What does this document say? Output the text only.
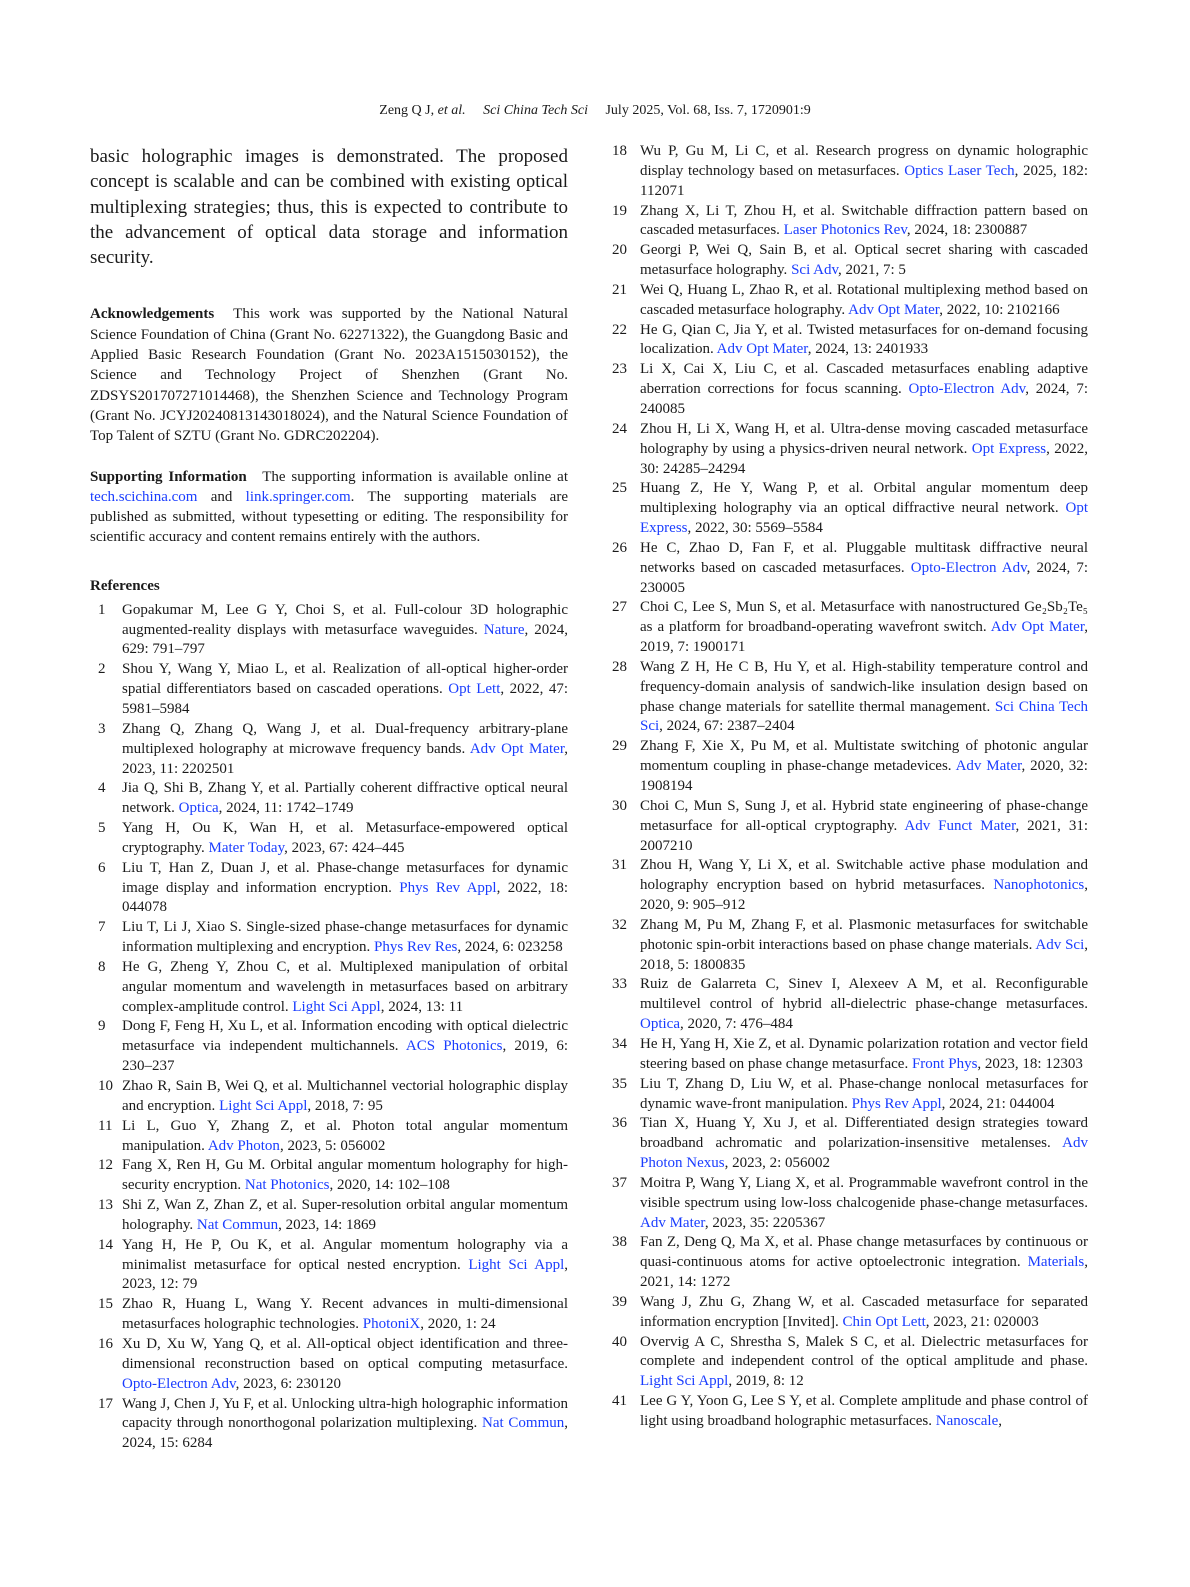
Zeng Q J, et al. Sci China Tech Sci July 2025, Vol. 68, Iss. 7, 1720901:9

basic holographic images is demonstrated. The proposed concept is scalable and can be combined with existing optical multiplexing strategies; thus, this is expected to contribute to the advancement of optical data storage and information security.

Acknowledgements This work was supported by the National Natural Science Foundation of China (Grant No. 62271322), the Guangdong Basic and Applied Basic Research Foundation (Grant No. 2023A1515030152), the Science and Technology Project of Shenzhen (Grant No. ZDSYS201707271014468), the Shenzhen Science and Technology Program (Grant No. JCYJ20240813143018024), and the Natural Science Foundation of Top Talent of SZTU (Grant No. GDRC202204).

Supporting Information The supporting information is available online at tech.scichina.com and link.springer.com. The supporting materials are published as submitted, without typesetting or editing. The responsibility for scientific accuracy and content remains entirely with the authors.

References
1	Gopakumar M, Lee G Y, Choi S, et al. Full-colour 3D holographic augmented-reality displays with metasurface waveguides. Nature, 2024, 629: 791–797
2	Shou Y, Wang Y, Miao L, et al. Realization of all-optical higher-order spatial differentiators based on cascaded operations. Opt Lett, 2022, 47: 5981–5984
3	Zhang Q, Zhang Q, Wang J, et al. Dual-frequency arbitrary-plane multiplexed holography at microwave frequency bands. Adv Opt Mater, 2023, 11: 2202501
4	Jia Q, Shi B, Zhang Y, et al. Partially coherent diffractive optical neural network. Optica, 2024, 11: 1742–1749
5	Yang H, Ou K, Wan H, et al. Metasurface-empowered optical cryptography. Mater Today, 2023, 67: 424–445
6	Liu T, Han Z, Duan J, et al. Phase-change metasurfaces for dynamic image display and information encryption. Phys Rev Appl, 2022, 18: 044078
7	Liu T, Li J, Xiao S. Single-sized phase-change metasurfaces for dynamic information multiplexing and encryption. Phys Rev Res, 2024, 6: 023258
8	He G, Zheng Y, Zhou C, et al. Multiplexed manipulation of orbital angular momentum and wavelength in metasurfaces based on arbitrary complex-amplitude control. Light Sci Appl, 2024, 13: 11
9	Dong F, Feng H, Xu L, et al. Information encoding with optical dielectric metasurface via independent multichannels. ACS Photonics, 2019, 6: 230–237
10 Zhao R, Sain B, Wei Q, et al. Multichannel vectorial holographic display and encryption. Light Sci Appl, 2018, 7: 95
11 Li L, Guo Y, Zhang Z, et al. Photon total angular momentum manipulation. Adv Photon, 2023, 5: 056002
12 Fang X, Ren H, Gu M. Orbital angular momentum holography for high-security encryption. Nat Photonics, 2020, 14: 102–108
13 Shi Z, Wan Z, Zhan Z, et al. Super-resolution orbital angular momentum holography. Nat Commun, 2023, 14: 1869
14 Yang H, He P, Ou K, et al. Angular momentum holography via a minimalist metasurface for optical nested encryption. Light Sci Appl, 2023, 12: 79
15 Zhao R, Huang L, Wang Y. Recent advances in multi-dimensional metasurfaces holographic technologies. PhotoniX, 2020, 1: 24
16 Xu D, Xu W, Yang Q, et al. All-optical object identification and three-dimensional reconstruction based on optical computing metasurface. Opto-Electron Adv, 2023, 6: 230120
17 Wang J, Chen J, Yu F, et al. Unlocking ultra-high holographic information capacity through nonorthogonal polarization multiplexing. Nat Commun, 2024, 15: 6284
18 Wu P, Gu M, Li C, et al. Research progress on dynamic holographic display technology based on metasurfaces. Optics Laser Tech, 2025, 182: 112071
19 Zhang X, Li T, Zhou H, et al. Switchable diffraction pattern based on cascaded metasurfaces. Laser Photonics Rev, 2024, 18: 2300887
20 Georgi P, Wei Q, Sain B, et al. Optical secret sharing with cascaded metasurface holography. Sci Adv, 2021, 7: 5
21 Wei Q, Huang L, Zhao R, et al. Rotational multiplexing method based on cascaded metasurface holography. Adv Opt Mater, 2022, 10: 2102166
22 He G, Qian C, Jia Y, et al. Twisted metasurfaces for on-demand focusing localization. Adv Opt Mater, 2024, 13: 2401933
23 Li X, Cai X, Liu C, et al. Cascaded metasurfaces enabling adaptive aberration corrections for focus scanning. Opto-Electron Adv, 2024, 7: 240085
24 Zhou H, Li X, Wang H, et al. Ultra-dense moving cascaded metasurface holography by using a physics-driven neural network. Opt Express, 2022, 30: 24285–24294
25 Huang Z, He Y, Wang P, et al. Orbital angular momentum deep multiplexing holography via an optical diffractive neural network. Opt Express, 2022, 30: 5569–5584
26 He C, Zhao D, Fan F, et al. Pluggable multitask diffractive neural networks based on cascaded metasurfaces. Opto-Electron Adv, 2024, 7: 230005
27 Choi C, Lee S, Mun S, et al. Metasurface with nanostructured Ge₂Sb₂Te₅ as a platform for broadband-operating wavefront switch. Adv Opt Mater, 2019, 7: 1900171
28 Wang Z H, He C B, Hu Y, et al. High-stability temperature control and frequency-domain analysis of sandwich-like insulation design based on phase change materials for satellite thermal management. Sci China Tech Sci, 2024, 67: 2387–2404
29 Zhang F, Xie X, Pu M, et al. Multistate switching of photonic angular momentum coupling in phase-change metadevices. Adv Mater, 2020, 32: 1908194
30 Choi C, Mun S, Sung J, et al. Hybrid state engineering of phase-change metasurface for all-optical cryptography. Adv Funct Mater, 2021, 31: 2007210
31 Zhou H, Wang Y, Li X, et al. Switchable active phase modulation and holography encryption based on hybrid metasurfaces. Nanophotonics, 2020, 9: 905–912
32 Zhang M, Pu M, Zhang F, et al. Plasmonic metasurfaces for switchable photonic spin-orbit interactions based on phase change materials. Adv Sci, 2018, 5: 1800835
33 Ruiz de Galarreta C, Sinev I, Alexeev A M, et al. Reconfigurable multilevel control of hybrid all-dielectric phase-change metasurfaces. Optica, 2020, 7: 476–484
34 He H, Yang H, Xie Z, et al. Dynamic polarization rotation and vector field steering based on phase change metasurface. Front Phys, 2023, 18: 12303
35 Liu T, Zhang D, Liu W, et al. Phase-change nonlocal metasurfaces for dynamic wave-front manipulation. Phys Rev Appl, 2024, 21: 044004
36 Tian X, Huang Y, Xu J, et al. Differentiated design strategies toward broadband achromatic and polarization-insensitive metalenses. Adv Photon Nexus, 2023, 2: 056002
37 Moitra P, Wang Y, Liang X, et al. Programmable wavefront control in the visible spectrum using low-loss chalcogenide phase-change metasurfaces. Adv Mater, 2023, 35: 2205367
38 Fan Z, Deng Q, Ma X, et al. Phase change metasurfaces by continuous or quasi-continuous atoms for active optoelectronic integration. Materials, 2021, 14: 1272
39 Wang J, Zhu G, Zhang W, et al. Cascaded metasurface for separated information encryption [Invited]. Chin Opt Lett, 2023, 21: 020003
40 Overvig A C, Shrestha S, Malek S C, et al. Dielectric metasurfaces for complete and independent control of the optical amplitude and phase. Light Sci Appl, 2019, 8: 12
41 Lee G Y, Yoon G, Lee S Y, et al. Complete amplitude and phase control of light using broadband holographic metasurfaces. Nanoscale,
